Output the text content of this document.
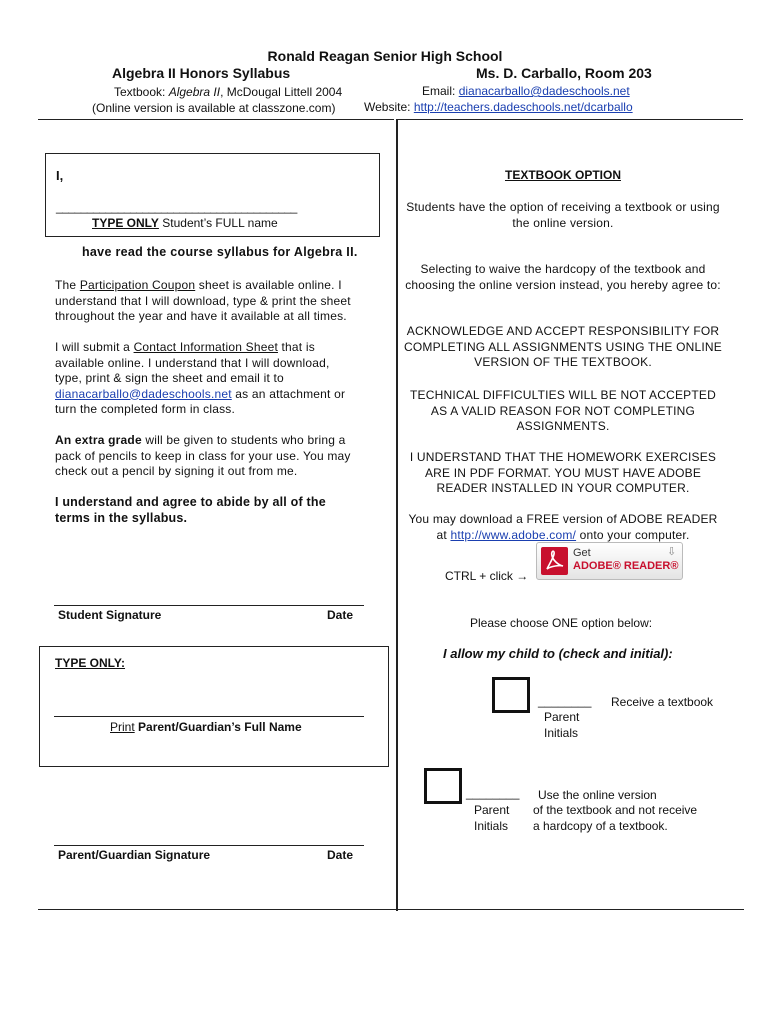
Ronald Reagan Senior High School
Algebra II Honors Syllabus	Ms. D. Carballo, Room 203
Textbook: Algebra II, McDougal Littell 2004
(Online version is available at classzone.com)
Email: dianacarballo@dadeschools.net
Website: http://teachers.dadeschools.net/dcarballo
I,
_______________________________________
TYPE ONLY Student’s FULL name
have read the course syllabus for Algebra II.
The Participation Coupon sheet is available online. I understand that I will download, type & print the sheet throughout the year and have it available at all times.
I will submit a Contact Information Sheet that is available online. I understand that I will download, type, print & sign the sheet and email it to dianacarballo@dadeschools.net as an attachment or turn the completed form in class.
An extra grade will be given to students who bring a pack of pencils to keep in class for your use. You may check out a pencil by signing it out from me.
I understand and agree to abide by all of the terms in the syllabus.
Student Signature	Date
TYPE ONLY:
Print Parent/Guardian’s Full Name
Parent/Guardian Signature	Date
TEXTBOOK OPTION
Students have the option of receiving a textbook or using the online version.
Selecting to waive the hardcopy of the textbook and choosing the online version instead, you hereby agree to:
ACKNOWLEDGE AND ACCEPT RESPONSIBILITY FOR COMPLETING ALL ASSIGNMENTS USING THE ONLINE VERSION OF THE TEXTBOOK.
TECHNICAL DIFFICULTIES WILL BE NOT ACCEPTED AS A VALID REASON FOR NOT COMPLETING ASSIGNMENTS.
I UNDERSTAND THAT THE HOMEWORK EXERCISES ARE IN PDF FORMAT. YOU MUST HAVE ADOBE READER INSTALLED IN YOUR COMPUTER.
You may download a FREE version of ADOBE READER at http://www.adobe.com/ onto your computer.
CTRL + click →
Get
ADOBE® READER®
⇩
Please choose ONE option below:
I allow my child to (check and initial):
________
Parent
Initials
Receive a textbook
________
Parent
Initials
Use the online version
of the textbook and not receive
a hardcopy of a textbook.
